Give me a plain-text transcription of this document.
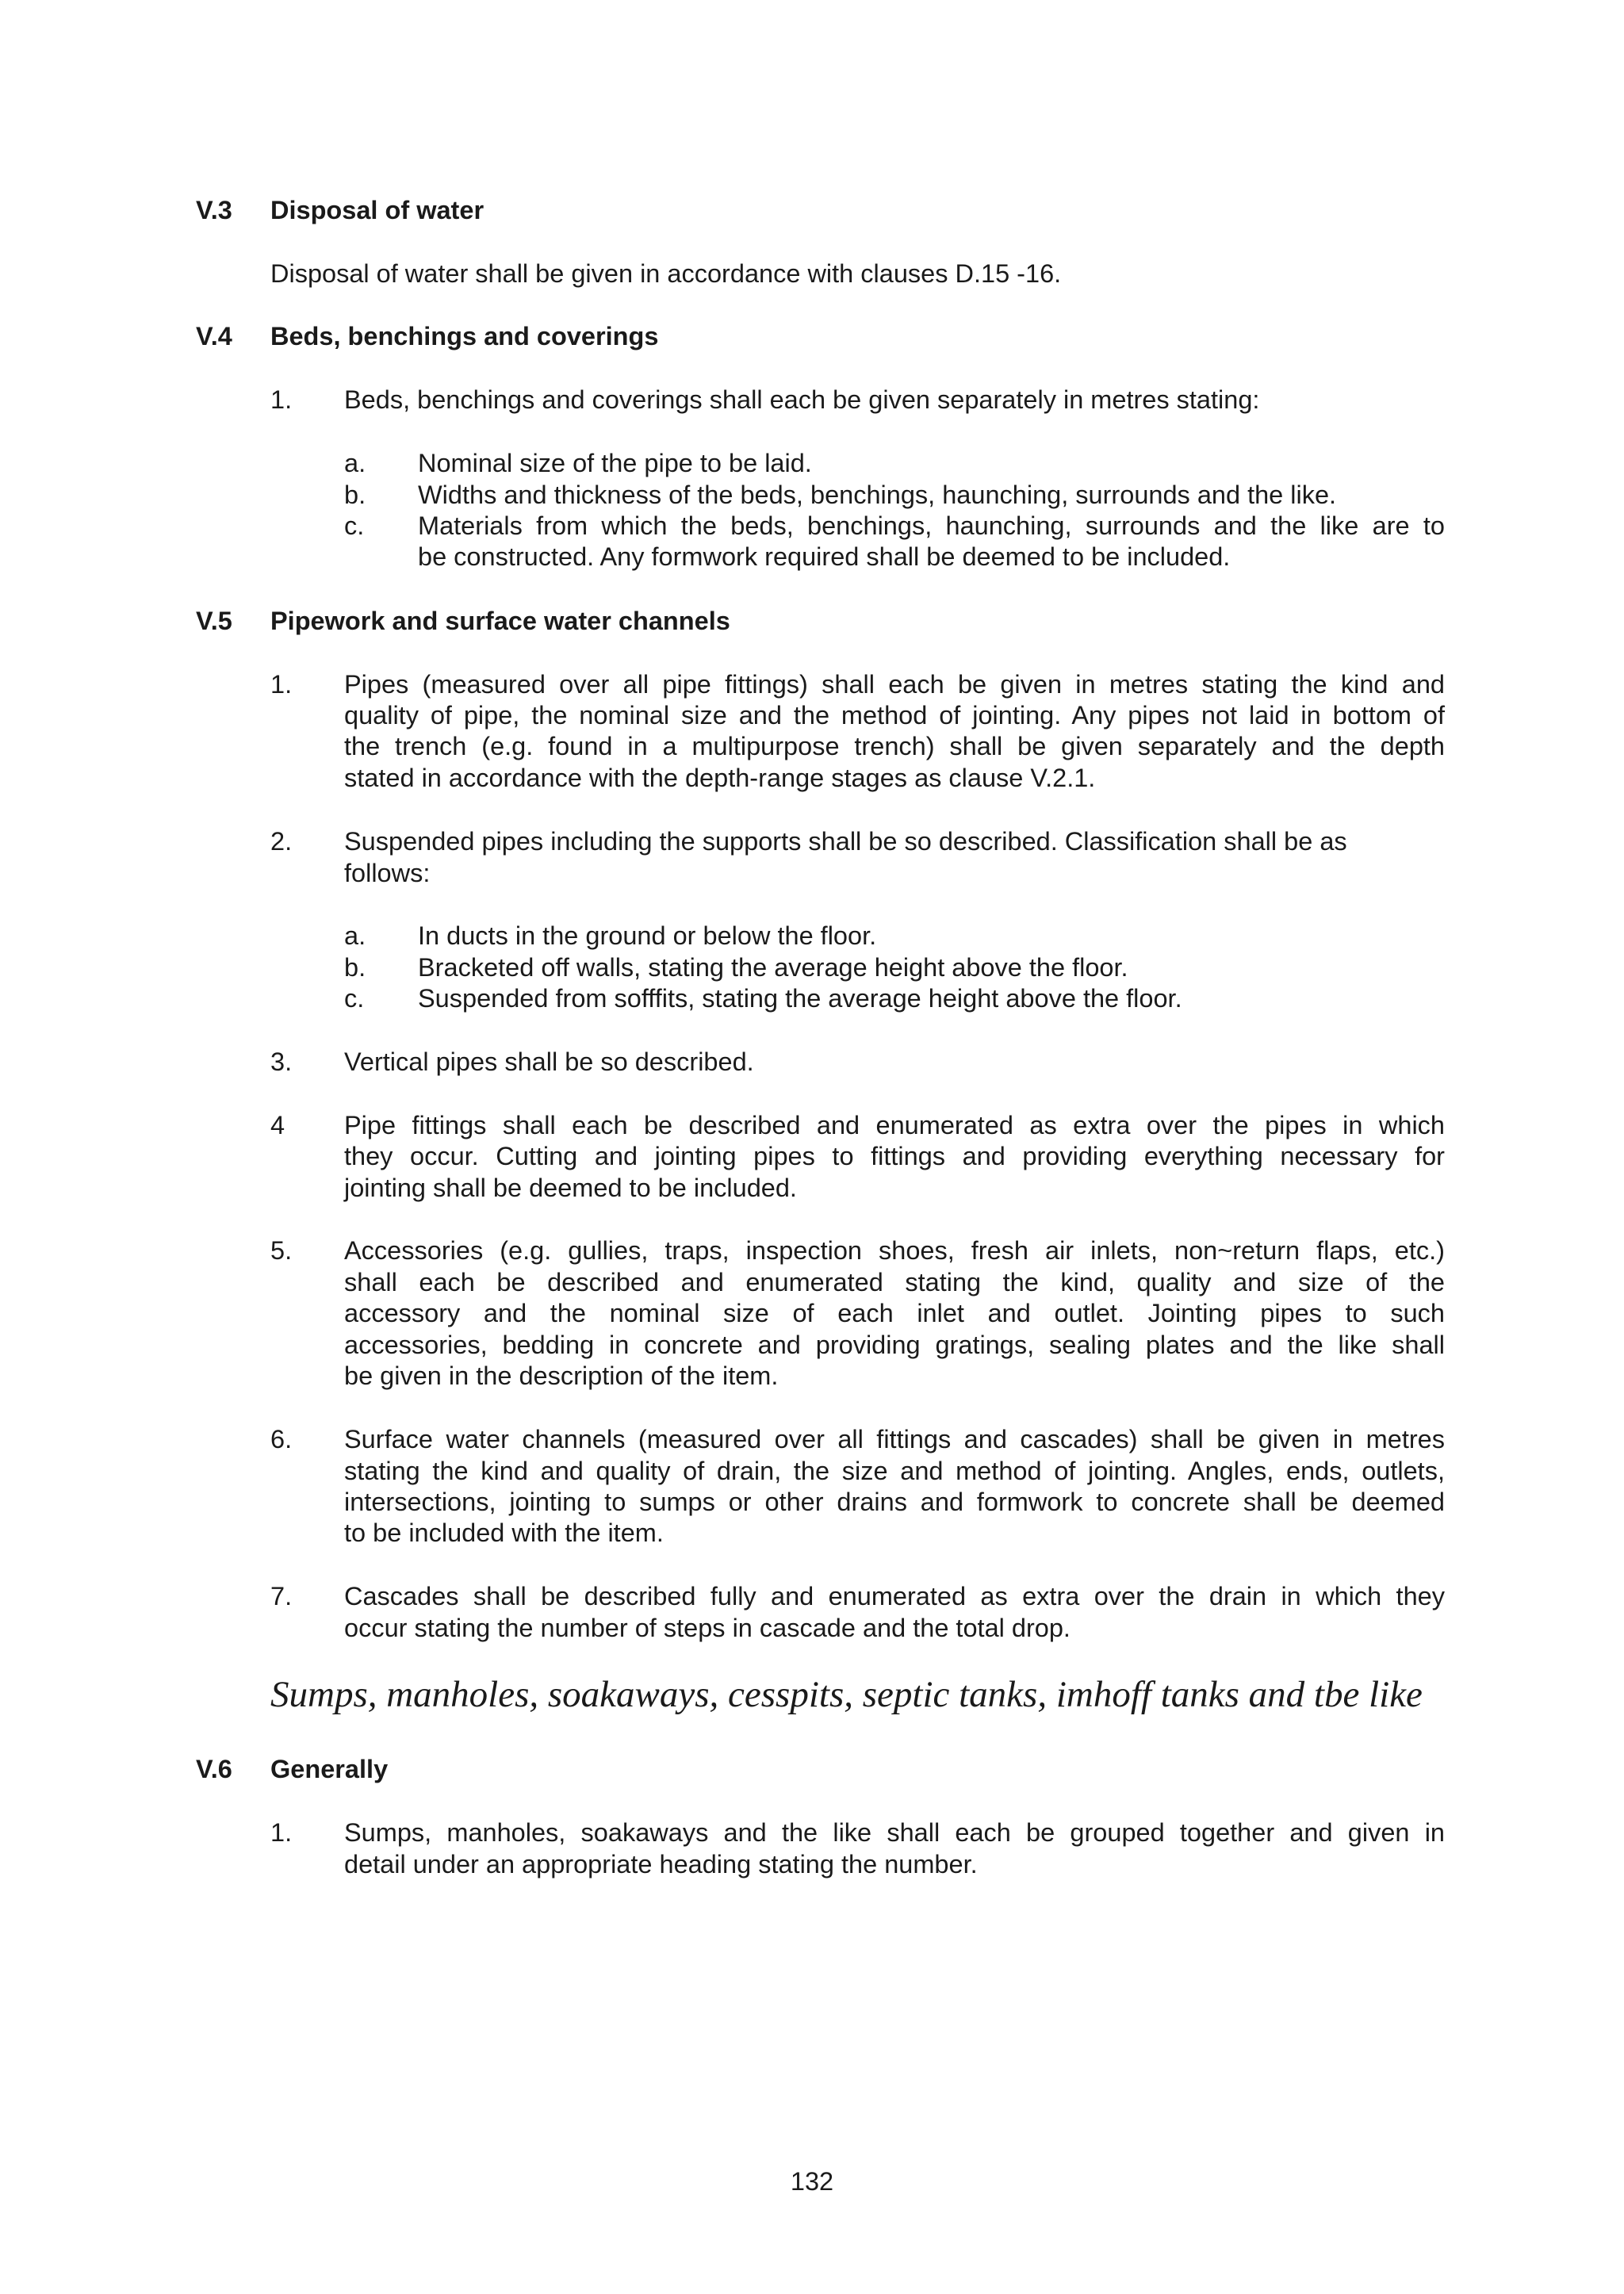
V.3 Disposal of water
Disposal of water shall be given in accordance with clauses D.15 -16.
V.4 Beds, benchings and coverings
1. Beds, benchings and coverings shall each be given separately in metres stating:
a. Nominal size of the pipe to be laid.
b. Widths and thickness of the beds, benchings, haunching, surrounds and the like.
c. Materials from which the beds, benchings, haunching, surrounds and the like are to
be constructed. Any formwork required shall be deemed to be included.
V.5 Pipework and surface water channels
1. Pipes (measured over all pipe fittings) shall each be given in metres stating the kind and
quality of pipe, the nominal size and the method of jointing. Any pipes not laid in bottom of
the trench (e.g. found in a multipurpose trench) shall be given separately and the depth
stated in accordance with the depth-range stages as clause V.2.1.
2. Suspended pipes including the supports shall be so described. Classification shall be as
follows:
a. In ducts in the ground or below the floor.
b. Bracketed off walls, stating the average height above the floor.
c. Suspended from sofffits, stating the average height above the floor.
3. Vertical pipes shall be so described.
4 Pipe fittings shall each be described and enumerated as extra over the pipes in which
they occur. Cutting and jointing pipes to fittings and providing everything necessary for
jointing shall be deemed to be included.
5. Accessories (e.g. gullies, traps, inspection shoes, fresh air inlets, non~return flaps, etc.)
shall each be described and enumerated stating the kind, quality and size of the
accessory and the nominal size of each inlet and outlet. Jointing pipes to such
accessories, bedding in concrete and providing gratings, sealing plates and the like shall
be given in the description of the item.
6. Surface water channels (measured over all fittings and cascades) shall be given in metres
stating the kind and quality of drain, the size and method of jointing. Angles, ends, outlets,
intersections, jointing to sumps or other drains and formwork to concrete shall be deemed
to be included with the item.
7. Cascades shall be described fully and enumerated as extra over the drain in which they
occur stating the number of steps in cascade and the total drop.
Sumps, manholes, soakaways, cesspits, septic tanks, imhoff tanks and tbe like
V.6 Generally
1. Sumps, manholes, soakaways and the like shall each be grouped together and given in
detail under an appropriate heading stating the number.
132
